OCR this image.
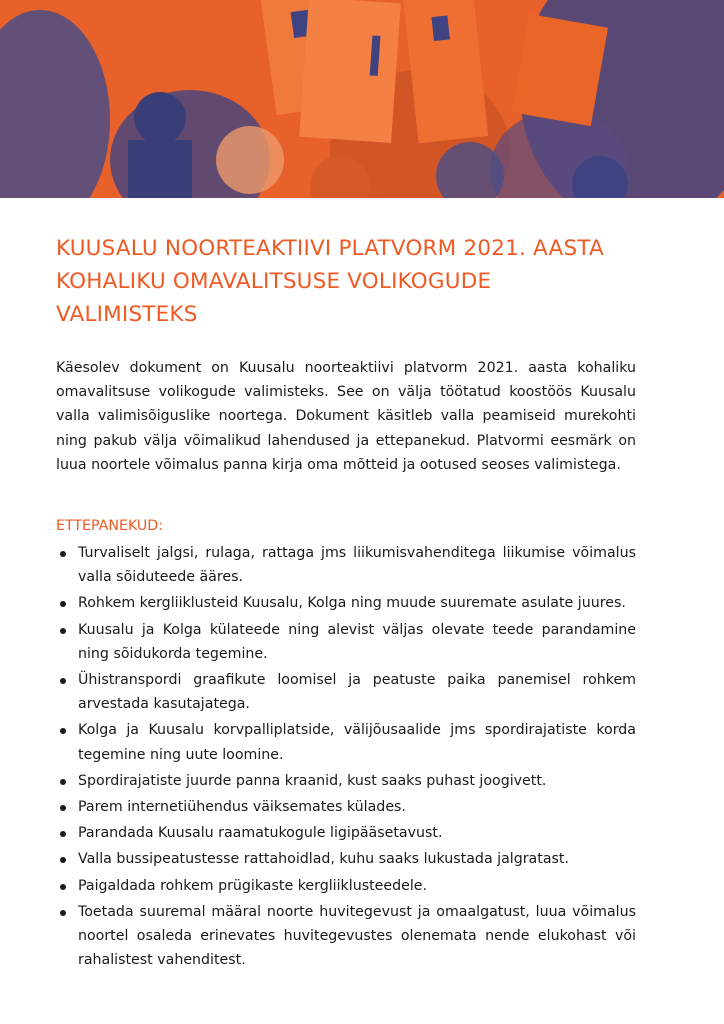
KUUSALU NOORTEAKTIIVI PLATVORM 2021. AASTA
KOHALIKU OMAVALITSUSE VOLIKOGUDE
VALIMISTEKS

Käesolev dokument on Kuusalu noorteaktiivi platvorm 2021. aasta kohaliku omavalitsuse volikogude valimisteks. See on välja töötatud koostöös Kuusalu valla valimisõiguslike noortega. Dokument käsitleb valla peamiseid murekohti ning pakub välja võimalikud lahendused ja ettepanekud. Platvormi eesmärk on luua noortele võimalus panna kirja oma mõtteid ja ootused seoses valimistega.

ETTEPANEKUD:
Turvaliselt jalgsi, rulaga, rattaga jms liikumisvahenditega liikumise võimalus valla sõiduteede ääres.
Rohkem kergliiklusteid Kuusalu, Kolga ning muude suuremate asulate juures.
Kuusalu ja Kolga külateede ning alevist väljas olevate teede parandamine ning sõidukorda tegemine.
Ühistranspordi graafikute loomisel ja peatuste paika panemisel rohkem arvestada kasutajatega.
Kolga ja Kuusalu korvpalliplatside, välijõusaalide jms spordirajatiste korda tegemine ning uute loomine.
Spordirajatiste juurde panna kraanid, kust saaks puhast joogivett.
Parem internetiühendus väiksemates külades.
Parandada Kuusalu raamatukogule ligipääsetavust.
Valla bussipeatustesse rattahoidlad, kuhu saaks lukustada jalgratast.
Paigaldada rohkem prügikaste kergliiklusteedele.
Toetada suuremal määral noorte huvitegevust ja omaalgatust, luua võimalus noortel osaleda erinevates huvitegevustes olenemata nende elukohast või rahalistest vahenditest.
